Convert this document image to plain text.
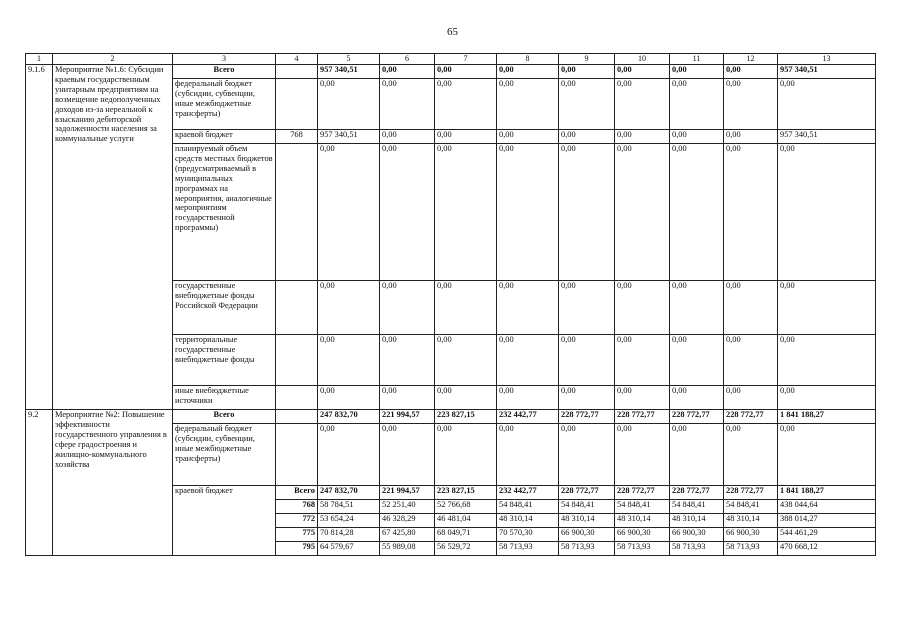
65
1	2	3	4	5	6	7	8	9	10	11	12	13
9.1.6	Мероприятие №1.6: Субсидии краевым государственным унитарным предприятиям на возмещение недополученных доходов из-за нереальной к взысканию дебиторской задолженности населения за коммунальные услуги	Всего		957 340,51	0,00	0,00	0,00	0,00	0,00	0,00	0,00	957 340,51
		федеральный бюджет (субсидии, субвенции, иные межбюджетные трансферты)		0,00	0,00	0,00	0,00	0,00	0,00	0,00	0,00	0,00
		краевой бюджет	768	957 340,51	0,00	0,00	0,00	0,00	0,00	0,00	0,00	957 340,51
		планируемый объем средств местных бюджетов (предусматриваемый в муниципальных программах на мероприятия, аналогичные мероприятиям государственной программы)		0,00	0,00	0,00	0,00	0,00	0,00	0,00	0,00	0,00
		государственные внебюджетные фонды Российской Федерации		0,00	0,00	0,00	0,00	0,00	0,00	0,00	0,00	0,00
		территориальные государственные внебюджетные фонды		0,00	0,00	0,00	0,00	0,00	0,00	0,00	0,00	0,00
		иные внебюджетные источники		0,00	0,00	0,00	0,00	0,00	0,00	0,00	0,00	0,00
9.2	Мероприятие №2: Повышение эффективности государственного управления в сфере градостроения и жилищно-коммунального хозяйства	Всего		247 832,70	221 994,57	223 827,15	232 442,77	228 772,77	228 772,77	228 772,77	228 772,77	1 841 188,27
		федеральный бюджет (субсидии, субвенции, иные межбюджетные трансферты)		0,00	0,00	0,00	0,00	0,00	0,00	0,00	0,00	0,00
		краевой бюджет	Всего	247 832,70	221 994,57	223 827,15	232 442,77	228 772,77	228 772,77	228 772,77	228 772,77	1 841 188,27
			768	58 784,51	52 251,40	52 766,68	54 848,41	54 848,41	54 848,41	54 848,41	54 848,41	438 044,64
			772	53 654,24	46 328,29	46 481,04	48 310,14	48 310,14	48 310,14	48 310,14	48 310,14	388 014,27
			775	70 814,28	67 425,80	68 049,71	70 570,30	66 900,30	66 900,30	66 900,30	66 900,30	544 461,29
			795	64 579,67	55 989,08	56 529,72	58 713,93	58 713,93	58 713,93	58 713,93	58 713,93	470 668,12
